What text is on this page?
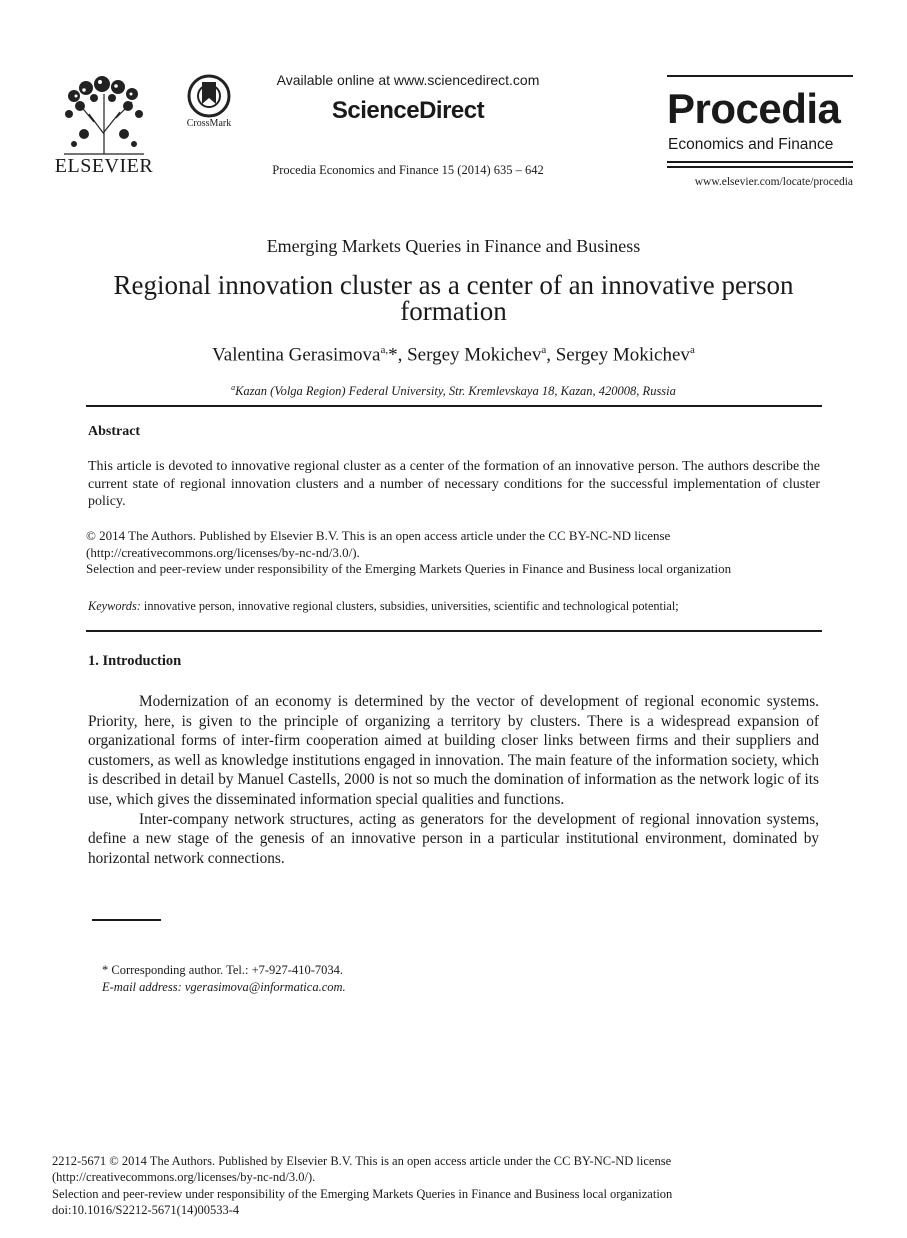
ELSEVIER
CrossMark
Available online at www.sciencedirect.com
ScienceDirect
Procedia Economics and Finance 15 (2014) 635 – 642
Procedia
Economics and Finance
www.elsevier.com/locate/procedia
Emerging Markets Queries in Finance and Business
Regional innovation cluster as a center of an innovative person formation
Valentina Gerasimova$^{a,}$*, Sergey Mokichev$^a$, Sergey Mokichev$^a$
$^a$Kazan (Volga Region) Federal University, Str. Kremlevskaya 18, Kazan, 420008, Russia
Abstract
This article is devoted to innovative regional cluster as a center of the formation of an innovative person. The authors describe the current state of regional innovation clusters and a number of necessary conditions for the successful implementation of cluster policy.
© 2014 The Authors. Published by Elsevier B.V. This is an open access article under the CC BY-NC-ND license
(http://creativecommons.org/licenses/by-nc-nd/3.0/).
Selection and peer-review under responsibility of the Emerging Markets Queries in Finance and Business local organization
Keywords: innovative person, innovative regional clusters, subsidies, universities, scientific and technological potential;
1. Introduction

Modernization of an economy is determined by the vector of development of regional economic systems. Priority, here, is given to the principle of organizing a territory by clusters. There is a widespread expansion of organizational forms of inter-firm cooperation aimed at building closer links between firms and their suppliers and customers, as well as knowledge institutions engaged in innovation. The main feature of the information society, which is described in detail by Manuel Castells, 2000 is not so much the domination of information as the network logic of its use, which gives the disseminated information special qualities and functions.

Inter-company network structures, acting as generators for the development of regional innovation systems, define a new stage of the genesis of an innovative person in a particular institutional environment, dominated by horizontal network connections.

* Corresponding author. Tel.: +7-927-410-7034.
E-mail address: vgerasimova@informatica.com.
2212-5671 © 2014 The Authors. Published by Elsevier B.V. This is an open access article under the CC BY-NC-ND license
(http://creativecommons.org/licenses/by-nc-nd/3.0/).
Selection and peer-review under responsibility of the Emerging Markets Queries in Finance and Business local organization
doi:10.1016/S2212-5671(14)00533-4
